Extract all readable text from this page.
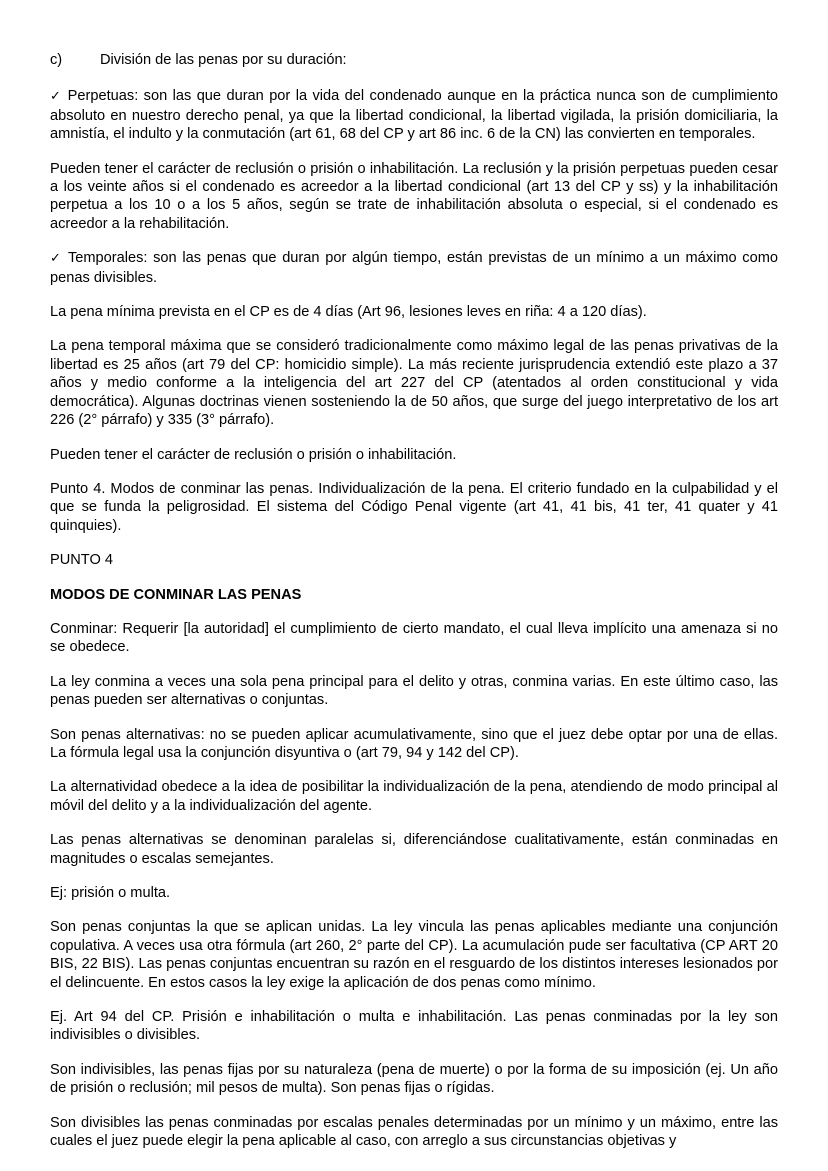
c)	División de las penas por su duración:

✓ Perpetuas: son las que duran por la vida del condenado aunque en la práctica nunca son de cumplimiento absoluto en nuestro derecho penal, ya que la libertad condicional, la libertad vigilada, la prisión domiciliaria, la amnistía, el indulto y la conmutación (art 61, 68 del CP y art 86 inc. 6 de la CN) las convierten en temporales.

Pueden tener el carácter de reclusión o prisión o inhabilitación. La reclusión y la prisión perpetuas pueden cesar a los veinte años si el condenado es acreedor a la libertad condicional (art 13 del CP y ss) y la inhabilitación perpetua a los 10 o a los 5 años, según se trate de inhabilitación absoluta o especial, si el condenado es acreedor a la rehabilitación.

✓ Temporales: son las penas que duran por algún tiempo, están previstas de un mínimo a un máximo como penas divisibles.

La pena mínima prevista en el CP es de 4 días (Art 96, lesiones leves en riña: 4 a 120 días).

La pena temporal máxima que se consideró tradicionalmente como máximo legal de las penas privativas de la libertad es 25 años (art 79 del CP: homicidio simple). La más reciente jurisprudencia extendió este plazo a 37 años y medio conforme a la inteligencia del art 227 del CP (atentados al orden constitucional y vida democrática). Algunas doctrinas vienen sosteniendo la de 50 años, que surge del juego interpretativo de los art 226 (2° párrafo) y 335 (3° párrafo).

Pueden tener el carácter de reclusión o prisión o inhabilitación.

Punto 4. Modos de conminar las penas. Individualización de la pena. El criterio fundado en la culpabilidad y el que se funda la peligrosidad. El sistema del Código Penal vigente (art 41, 41 bis, 41 ter, 41 quater y 41 quinquies).

PUNTO 4

MODOS DE CONMINAR LAS PENAS

Conminar: Requerir [la autoridad] el cumplimiento de cierto mandato, el cual lleva implícito una amenaza si no se obedece.

La ley conmina a veces una sola pena principal para el delito y otras, conmina varias. En este último caso, las penas pueden ser alternativas o conjuntas.

Son penas alternativas: no se pueden aplicar acumulativamente, sino que el juez debe optar por una de ellas. La fórmula legal usa la conjunción disyuntiva o (art 79, 94 y 142 del CP).

La alternatividad obedece a la idea de posibilitar la individualización de la pena, atendiendo de modo principal al móvil del delito y a la individualización del agente.

Las penas alternativas se denominan paralelas si, diferenciándose cualitativamente, están conminadas en magnitudes o escalas semejantes.

Ej: prisión o multa.

Son penas conjuntas la que se aplican unidas. La ley vincula las penas aplicables mediante una conjunción copulativa. A veces usa otra fórmula (art 260, 2° parte del CP). La acumulación pude ser facultativa (CP ART 20 BIS, 22 BIS). Las penas conjuntas encuentran su razón en el resguardo de los distintos intereses lesionados por el delincuente. En estos casos la ley exige la aplicación de dos penas como mínimo.

Ej. Art 94 del CP. Prisión e inhabilitación o multa e inhabilitación. Las penas conminadas por la ley son indivisibles o divisibles.

Son indivisibles, las penas fijas por su naturaleza (pena de muerte) o por la forma de su imposición (ej. Un año de prisión o reclusión; mil pesos de multa). Son penas fijas o rígidas.

Son divisibles las penas conminadas por escalas penales determinadas por un mínimo y un máximo, entre las cuales el juez puede elegir la pena aplicable al caso, con arreglo a sus circunstancias objetivas y
